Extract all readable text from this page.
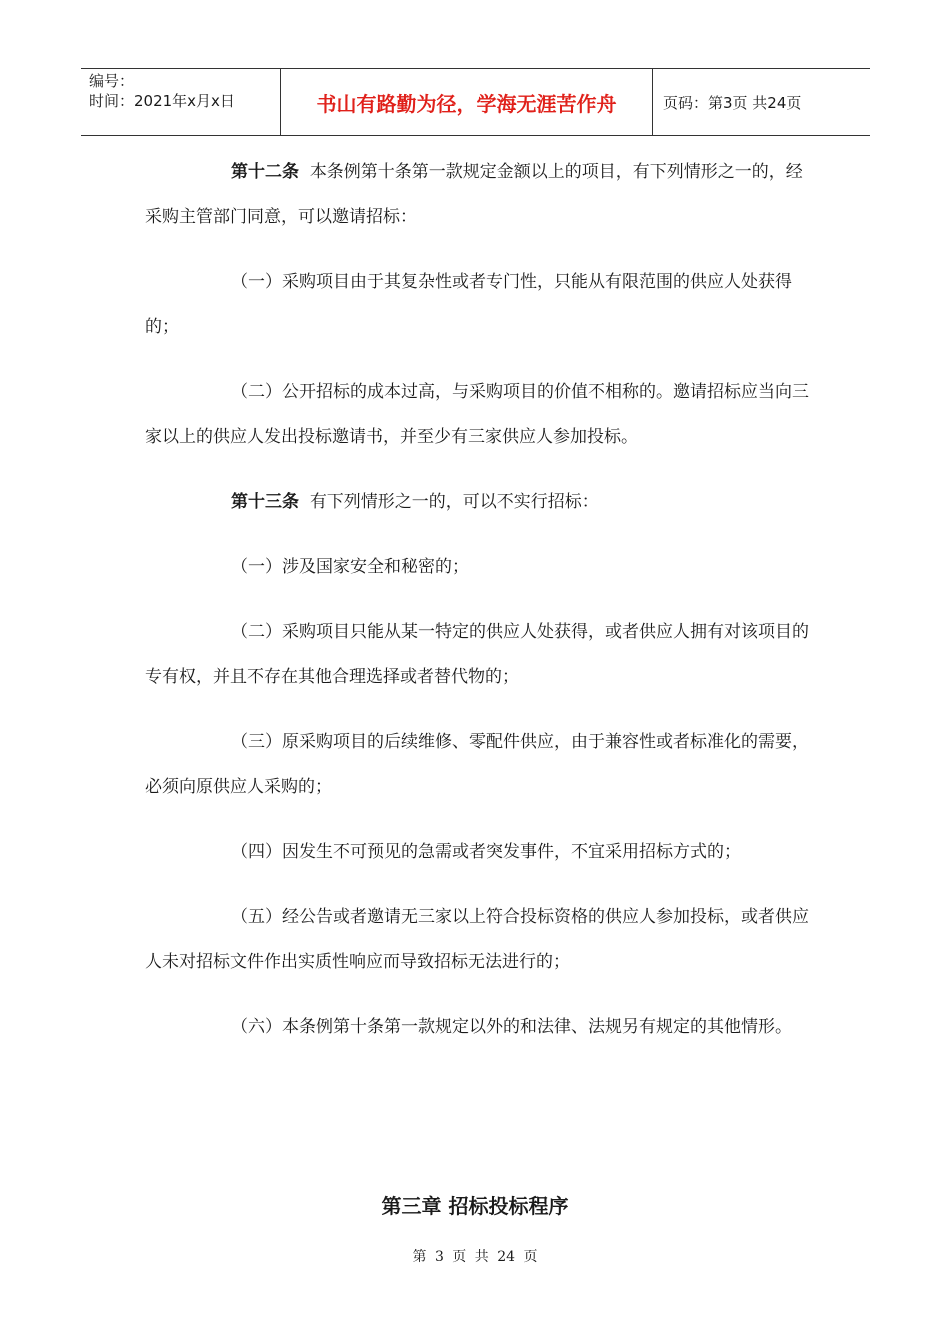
编号：
时间：2021年x月x日	书山有路勤为径，学海无涯苦作舟	页码：第3页 共24页

第十二条 本条例第十条第一款规定金额以上的项目，有下列情形之一的，经采购主管部门同意，可以邀请招标：

（一）采购项目由于其复杂性或者专门性，只能从有限范围的供应人处获得的；

（二）公开招标的成本过高，与采购项目的价值不相称的。邀请招标应当向三家以上的供应人发出投标邀请书，并至少有三家供应人参加投标。

第十三条 有下列情形之一的，可以不实行招标：

（一）涉及国家安全和秘密的；

（二）采购项目只能从某一特定的供应人处获得，或者供应人拥有对该项目的专有权，并且不存在其他合理选择或者替代物的；

（三）原采购项目的后续维修、零配件供应，由于兼容性或者标准化的需要，必须向原供应人采购的；

（四）因发生不可预见的急需或者突发事件，不宜采用招标方式的；

（五）经公告或者邀请无三家以上符合投标资格的供应人参加投标，或者供应人未对招标文件作出实质性响应而导致招标无法进行的；

（六）本条例第十条第一款规定以外的和法律、法规另有规定的其他情形。

第三章 招标投标程序
第 3 页 共 24 页
